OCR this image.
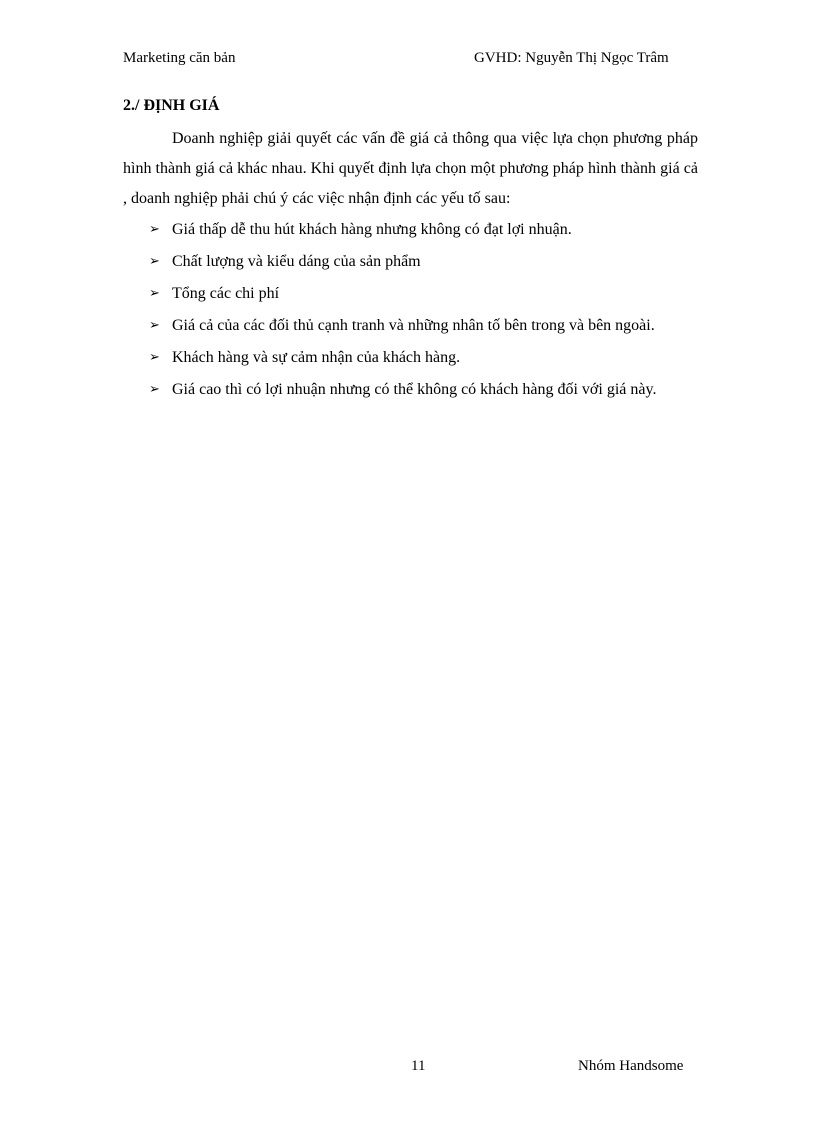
Marketing căn bản	GVHD: Nguyễn Thị Ngọc Trâm
2./ ĐỊNH GIÁ

Doanh nghiệp giải quyết các vấn đề giá cả thông qua việc lựa chọn phương pháp hình thành giá cả khác nhau. Khi quyết định lựa chọn một phương pháp hình thành giá cả , doanh nghiệp phải chú ý các việc nhận định các yếu tố sau:

➢ Giá thấp dễ thu hút khách hàng nhưng không có đạt lợi nhuận.
➢ Chất lượng và kiểu dáng của sản phẩm
➢ Tổng các chi phí
➢ Giá cả của các đối thủ cạnh tranh và những nhân tố bên trong và bên ngoài.
➢ Khách hàng và sự cảm nhận của khách hàng.
➢ Giá cao thì có lợi nhuận nhưng có thể không có khách hàng đối với giá này.
11	Nhóm Handsome
